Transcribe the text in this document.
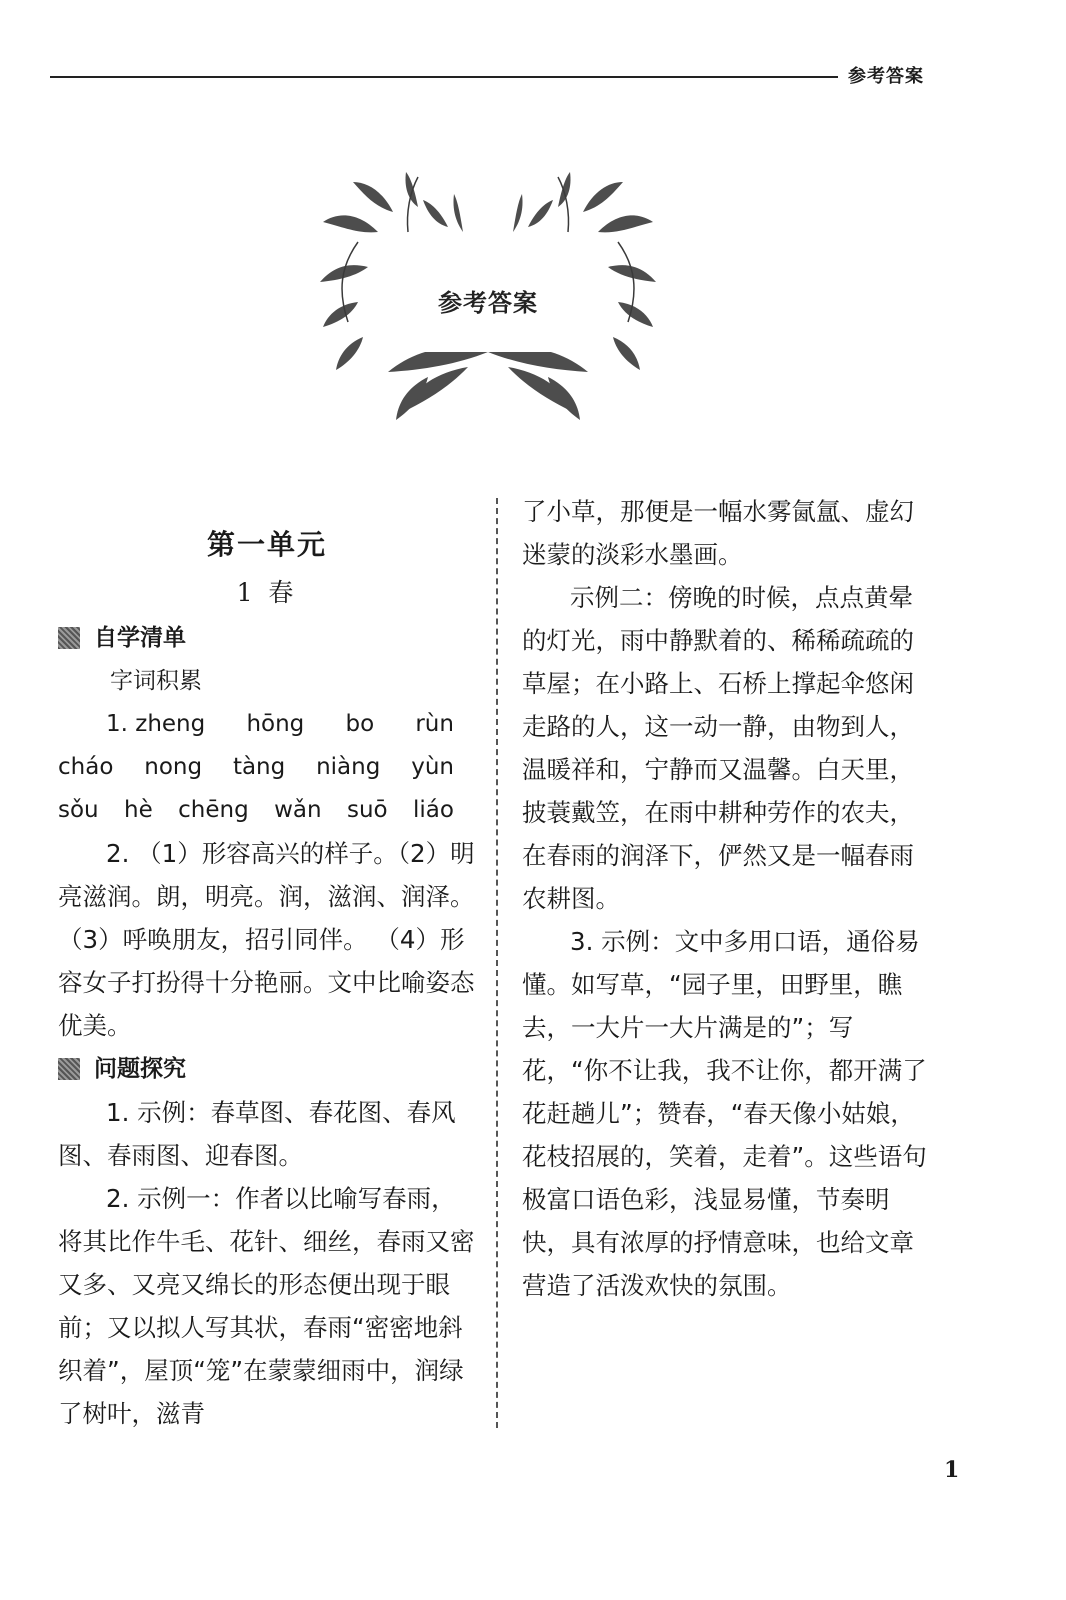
参考答案
参考答案

第一单元

1 春

自学清单

字词积累

1. zheng hōng bo rùn
cháo nong tàng niàng yùn
sǒu hè chēng wǎn suō liáo

2. （1）形容高兴的样子。（2）明亮滋润。朗，明亮。润，滋润、润泽。 （3）呼唤朋友，招引同伴。 （4）形容女子打扮得十分艳丽。文中比喻姿态优美。

问题探究

1. 示例：春草图、春花图、春风图、春雨图、迎春图。

2. 示例一：作者以比喻写春雨，将其比作牛毛、花针、细丝，春雨又密又多、又亮又绵长的形态便出现于眼前；又以拟人写其状，春雨“密密地斜织着”，屋顶“笼”在蒙蒙细雨中，润绿了树叶，滋青

了小草，那便是一幅水雾氤氲、虚幻迷蒙的淡彩水墨画。

示例二：傍晚的时候，点点黄晕的灯光，雨中静默着的、稀稀疏疏的草屋；在小路上、石桥上撑起伞悠闲走路的人，这一动一静，由物到人，温暖祥和，宁静而又温馨。白天里，披蓑戴笠，在雨中耕种劳作的农夫，在春雨的润泽下，俨然又是一幅春雨农耕图。

3. 示例：文中多用口语，通俗易懂。如写草，“园子里，田野里，瞧去，一大片一大片满是的”；写花，“你不让我，我不让你，都开满了花赶趟儿”；赞春，“春天像小姑娘，花枝招展的，笑着，走着”。这些语句极富口语色彩，浅显易懂，节奏明快，具有浓厚的抒情意味，也给文章营造了活泼欢快的氛围。

1
